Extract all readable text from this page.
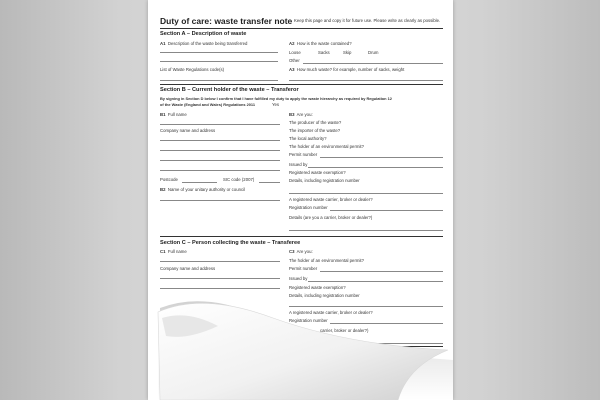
Duty of care: waste transfer note Keep this page and copy it for future use. Please write as clearly as possible.
Section A – Description of waste
A1 Description of the waste being transferred
List of Waste Regulations code(s)
A2 How is the waste contained?
Loose	Sacks	Skip	Drum
Other
A3 How much waste? for example, number of sacks, weight
Section B – Current holder of the waste – Transferor
By signing in Section D below I confirm that I have fulfilled my duty to apply the waste hierarchy as required by Regulation 12
of the Waste (England and Wales) Regulations 2011	Yes
B1 Full name
Company name and address
Postcode	SIC code (2007)
B2 Name of your unitary authority or council
B3 Are you:
The producer of the waste?
The importer of the waste?
The local authority?
The holder of an environmental permit?
Permit number
Issued by
Registered waste exemption?
Details, including registration number
A registered waste carrier, broker or dealer?
Registration number
Details (are you a carrier, broker or dealer?)
Section C – Person collecting the waste – Transferee
C1 Full name
Company name and address
C3 Are you:
The holder of an environmental permit?
Permit number
Issued by
Registered waste exemption?
Details, including registration number
A registered waste carrier, broker or dealer?
Registration number
carrier, broker or dealer?)
